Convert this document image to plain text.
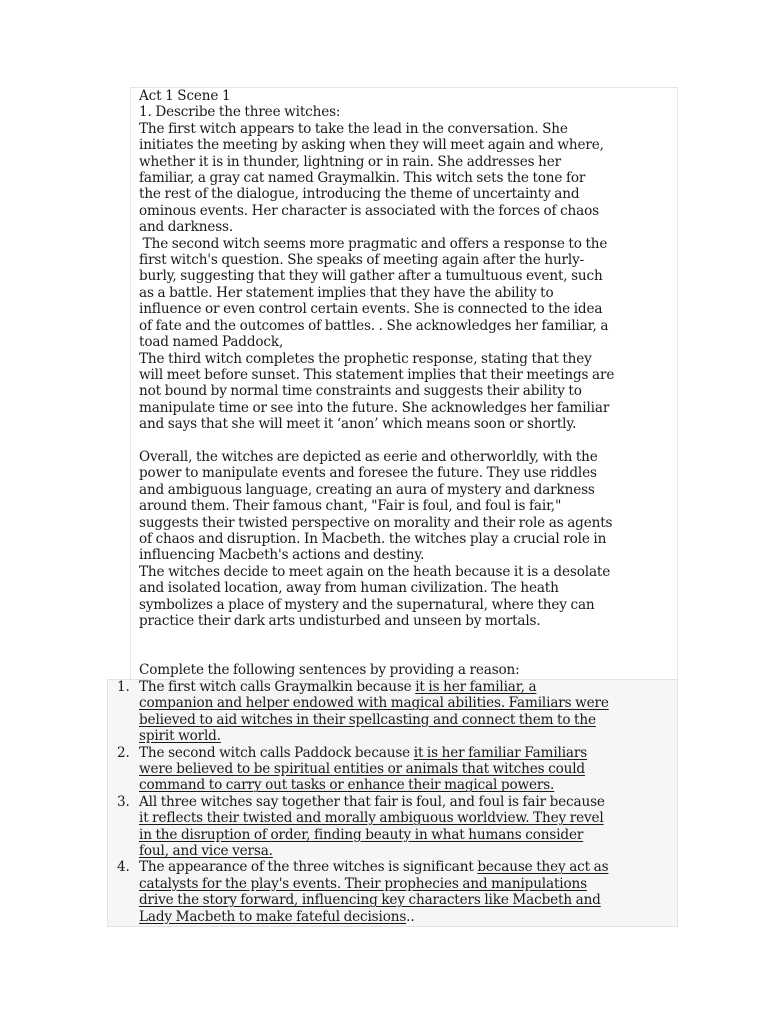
Act 1 Scene 1

1. Describe the three witches:

The first witch appears to take the lead in the conversation. She

initiates the meeting by asking when they will meet again and where,

whether it is in thunder, lightning or in rain. She addresses her

familiar, a gray cat named Graymalkin. This witch sets the tone for

the rest of the dialogue, introducing the theme of uncertainty and

ominous events. Her character is associated with the forces of chaos

and darkness.

The second witch seems more pragmatic and offers a response to the

first witch's question. She speaks of meeting again after the hurly-

burly, suggesting that they will gather after a tumultuous event, such

as a battle. Her statement implies that they have the ability to

influence or even control certain events. She is connected to the idea

of fate and the outcomes of battles. . She acknowledges her familiar, a

toad named Paddock,

The third witch completes the prophetic response, stating that they

will meet before sunset. This statement implies that their meetings are

not bound by normal time constraints and suggests their ability to

manipulate time or see into the future. She acknowledges her familiar

and says that she will meet it ‘anon’ which means soon or shortly.

Overall, the witches are depicted as eerie and otherworldly, with the

power to manipulate events and foresee the future. They use riddles

and ambiguous language, creating an aura of mystery and darkness

around them. Their famous chant, "Fair is foul, and foul is fair,"

suggests their twisted perspective on morality and their role as agents

of chaos and disruption. In Macbeth. the witches play a crucial role in

influencing Macbeth's actions and destiny.

The witches decide to meet again on the heath because it is a desolate

and isolated location, away from human civilization. The heath

symbolizes a place of mystery and the supernatural, where they can

practice their dark arts undisturbed and unseen by mortals.

Complete the following sentences by providing a reason:

1. The first witch calls Graymalkin because it is her familiar, a
companion and helper endowed with magical abilities. Familiars were
believed to aid witches in their spellcasting and connect them to the
spirit world.
2. The second witch calls Paddock because it is her familiar Familiars
were believed to be spiritual entities or animals that witches could
command to carry out tasks or enhance their magical powers.
3. All three witches say together that fair is foul, and foul is fair because
it reflects their twisted and morally ambiguous worldview. They revel
in the disruption of order, finding beauty in what humans consider
foul, and vice versa.
4. The appearance of the three witches is significant because they act as
catalysts for the play's events. Their prophecies and manipulations
drive the story forward, influencing key characters like Macbeth and
Lady Macbeth to make fateful decisions..
